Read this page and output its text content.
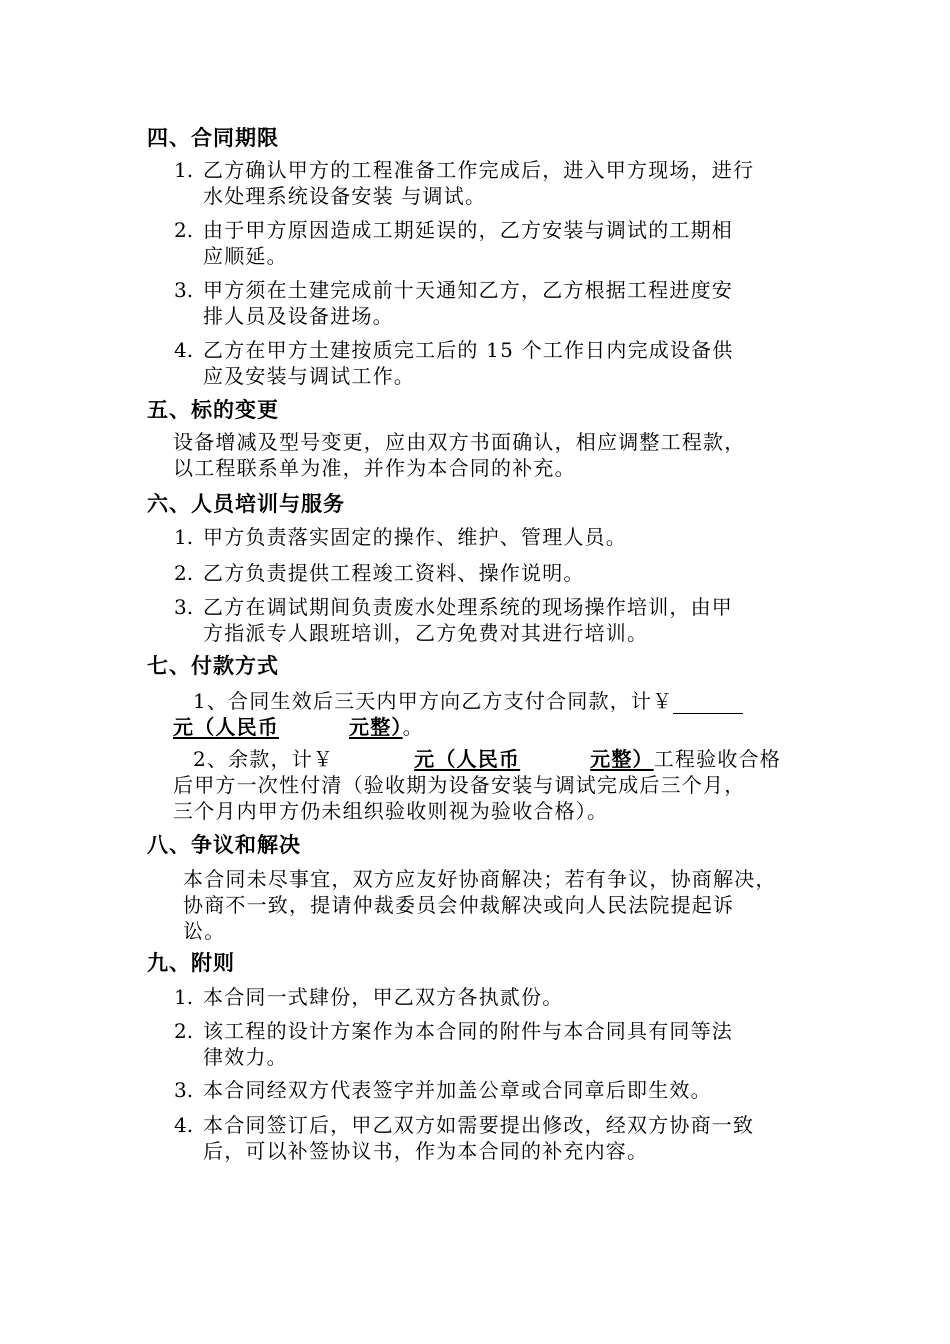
四、合同期限
1. 乙方确认甲方的工程准备工作完成后，进入甲方现场，进行
水处理系统设备安装 与调试。
2. 由于甲方原因造成工期延误的，乙方安装与调试的工期相
应顺延。
3. 甲方须在土建完成前十天通知乙方，乙方根据工程进度安
排人员及设备进场。
4. 乙方在甲方土建按质完工后的 15 个工作日内完成设备供
应及安装与调试工作。
五、标的变更
设备增减及型号变更，应由双方书面确认，相应调整工程款，
以工程联系单为准，并作为本合同的补充。
六、人员培训与服务
1. 甲方负责落实固定的操作、维护、管理人员。
2. 乙方负责提供工程竣工资料、操作说明。
3. 乙方在调试期间负责废水处理系统的现场操作培训，由甲
方指派专人跟班培训，乙方免费对其进行培训。
七、付款方式
1、合同生效后三天内甲方向乙方支付合同款，计￥
元（人民币	元整）。
2、余款，计￥	元（人民币	元整）工程验收合格
后甲方一次性付清（验收期为设备安装与调试完成后三个月，
三个月内甲方仍未组织验收则视为验收合格）。
八、争议和解决
本合同未尽事宜，双方应友好协商解决；若有争议，协商解决，
协商不一致，提请仲裁委员会仲裁解决或向人民法院提起诉
讼。
九、附则
1. 本合同一式肆份，甲乙双方各执贰份。
2. 该工程的设计方案作为本合同的附件与本合同具有同等法
律效力。
3. 本合同经双方代表签字并加盖公章或合同章后即生效。
4. 本合同签订后，甲乙双方如需要提出修改，经双方协商一致
后，可以补签协议书，作为本合同的补充内容。
